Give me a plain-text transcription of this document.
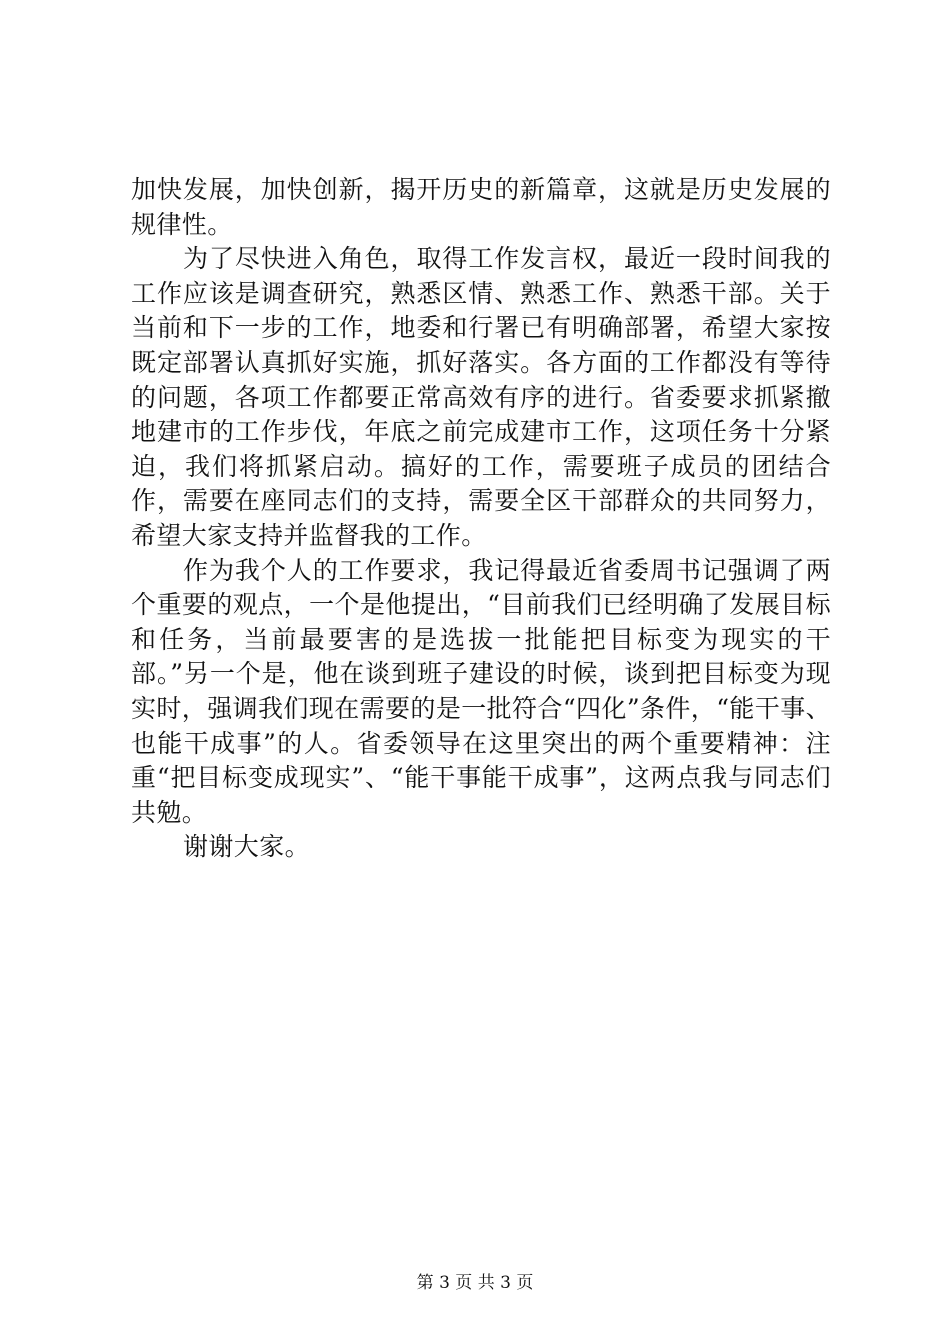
加快发展，加快创新，揭开历史的新篇章，这就是历史发展的规律性。

为了尽快进入角色，取得工作发言权，最近一段时间我的工作应该是调查研究，熟悉区情、熟悉工作、熟悉干部。关于当前和下一步的工作，地委和行署已有明确部署，希望大家按既定部署认真抓好实施，抓好落实。各方面的工作都没有等待的问题，各项工作都要正常高效有序的进行。省委要求抓紧撤地建市的工作步伐，年底之前完成建市工作，这项任务十分紧迫，我们将抓紧启动。搞好的工作，需要班子成员的团结合作，需要在座同志们的支持，需要全区干部群众的共同努力，希望大家支持并监督我的工作。

作为我个人的工作要求，我记得最近省委周书记强调了两个重要的观点，一个是他提出，“目前我们已经明确了发展目标和任务，当前最要害的是选拔一批能把目标变为现实的干部。”另一个是，他在谈到班子建设的时候，谈到把目标变为现实时，强调我们现在需要的是一批符合“四化”条件，“能干事、也能干成事”的人。省委领导在这里突出的两个重要精神：注重“把目标变成现实”、“能干事能干成事”，这两点我与同志们共勉。

谢谢大家。

第 3 页 共 3 页
